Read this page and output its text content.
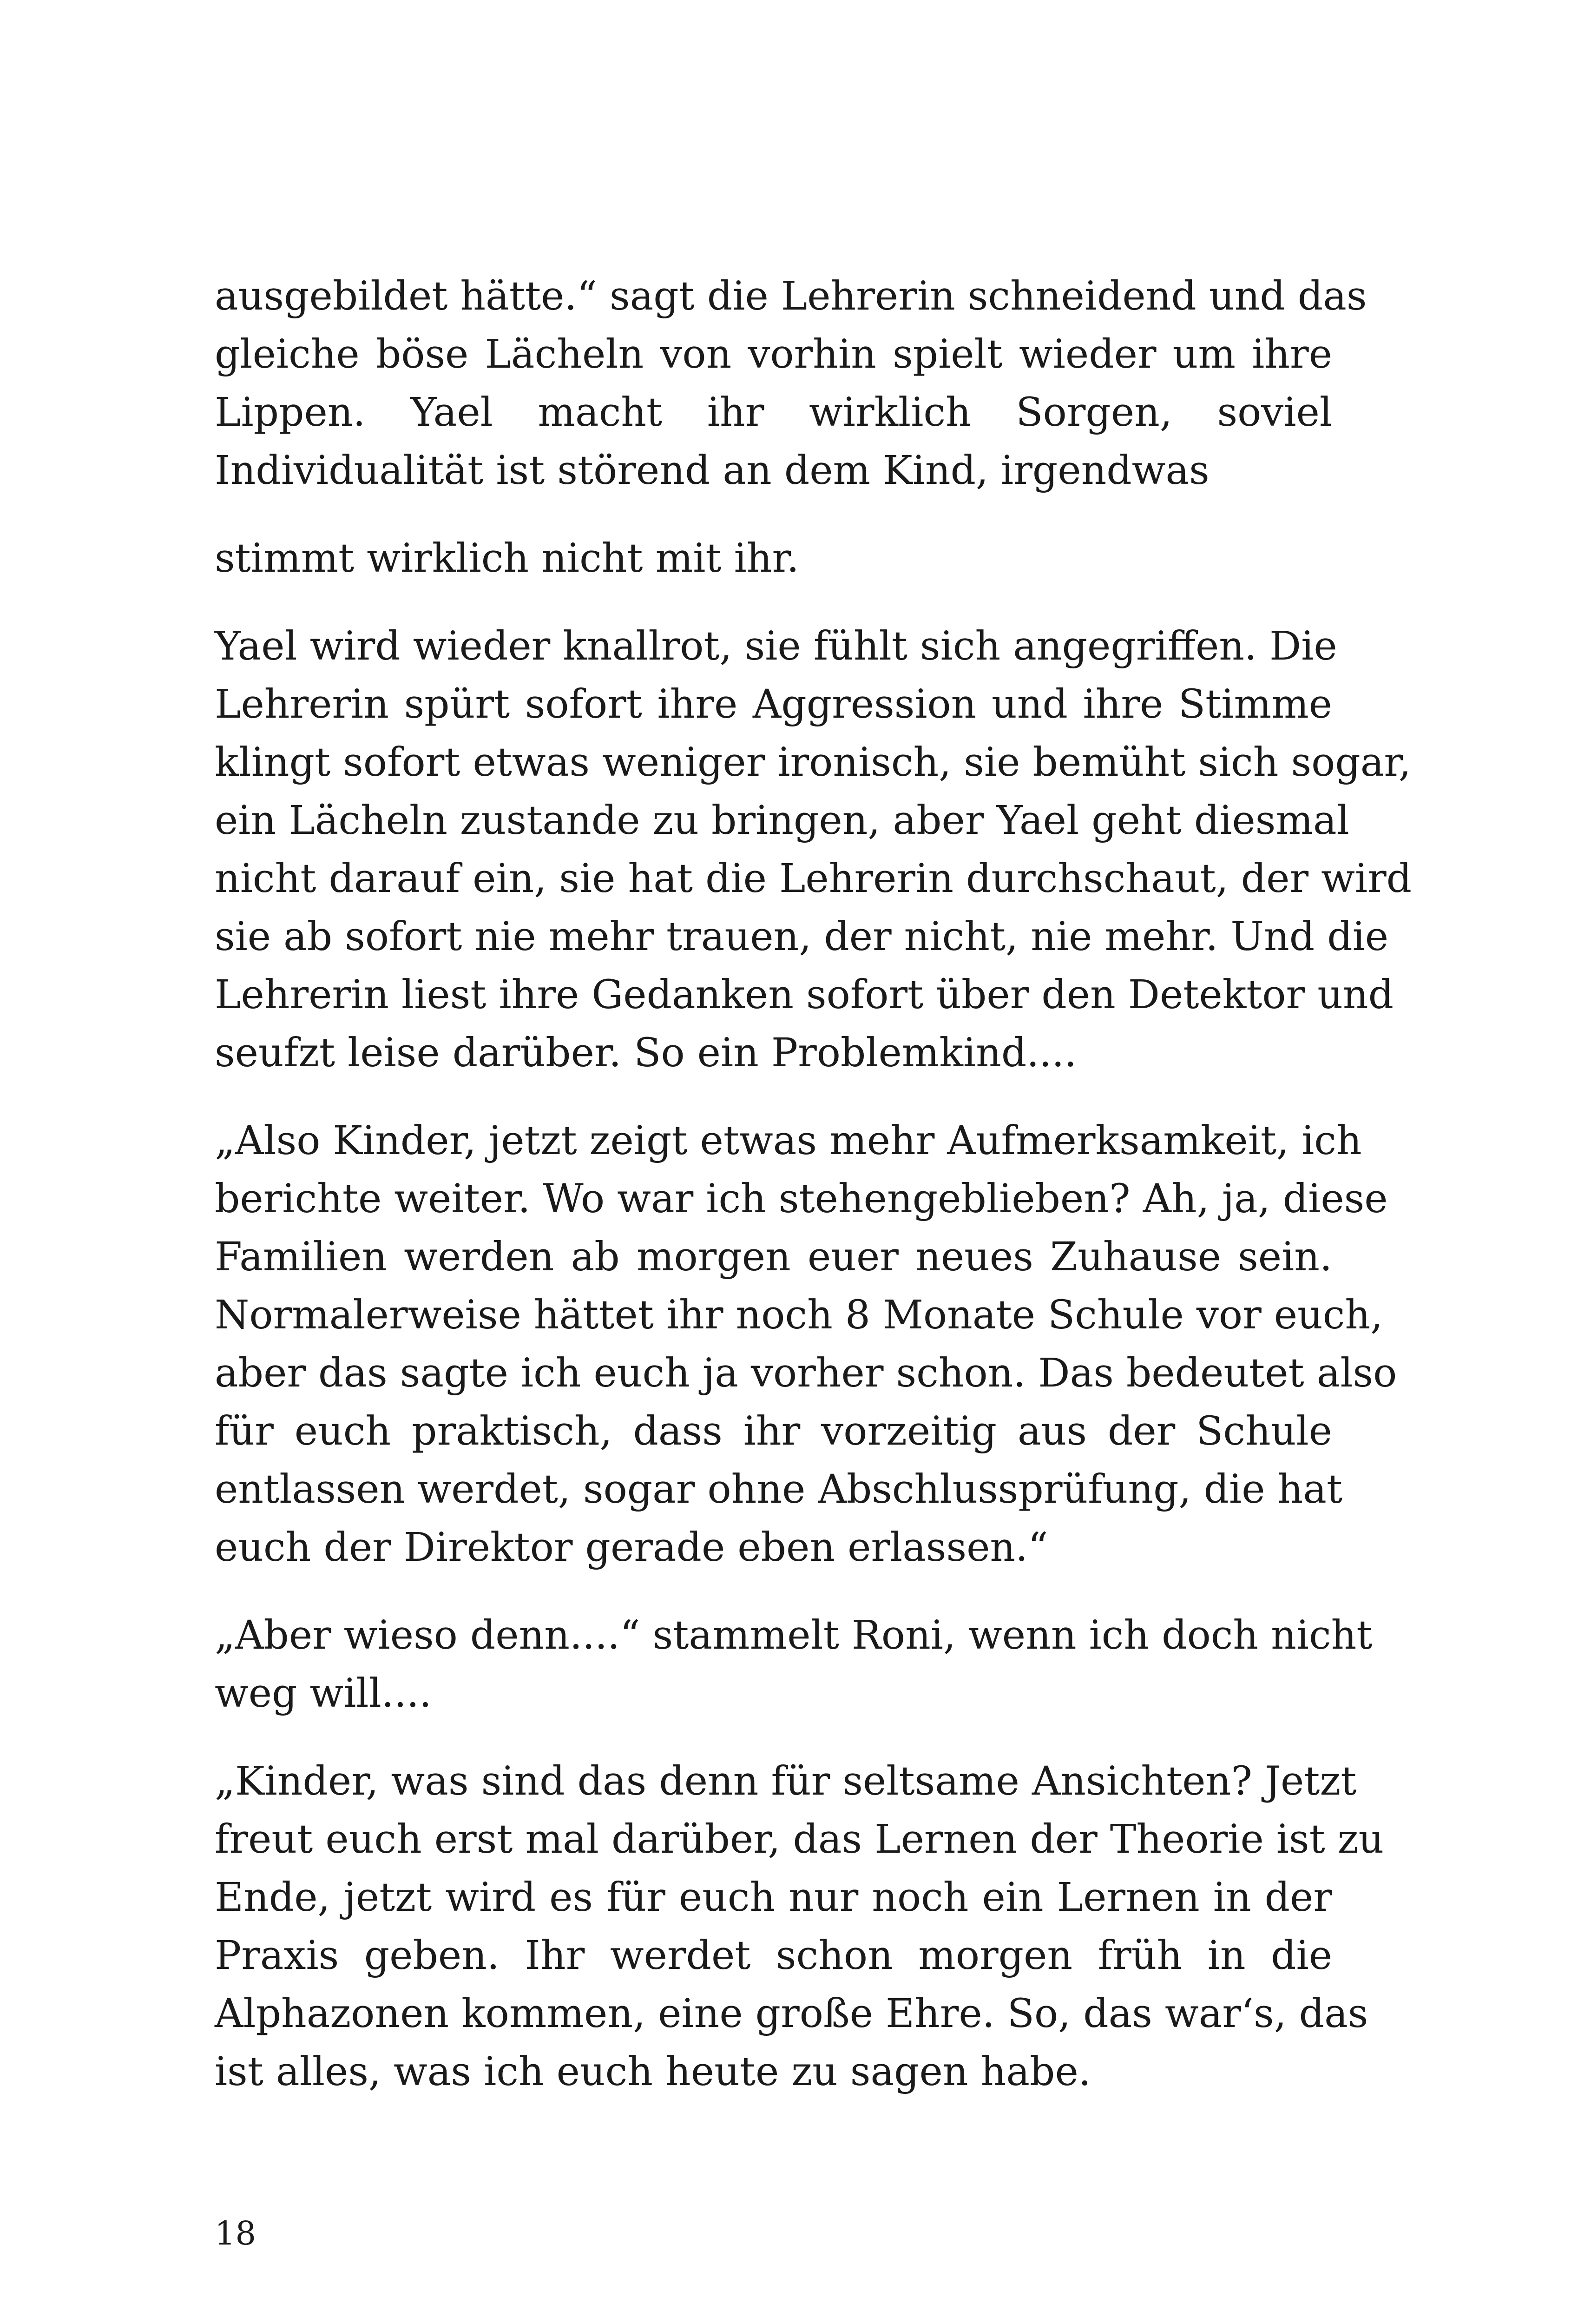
ausgebildet hätte.“ sagt die Lehrerin schneidend und das
gleiche böse Lächeln von vorhin spielt wieder um ihre
Lippen. Yael macht ihr wirklich Sorgen, soviel
Individualität ist störend an dem Kind, irgendwas

stimmt wirklich nicht mit ihr.

Yael wird wieder knallrot, sie fühlt sich angegriffen. Die
Lehrerin spürt sofort ihre Aggression und ihre Stimme
klingt sofort etwas weniger ironisch, sie bemüht sich sogar,
ein Lächeln zustande zu bringen, aber Yael geht diesmal
nicht darauf ein, sie hat die Lehrerin durchschaut, der wird
sie ab sofort nie mehr trauen, der nicht, nie mehr. Und die
Lehrerin liest ihre Gedanken sofort über den Detektor und
seufzt leise darüber. So ein Problemkind....

„Also Kinder, jetzt zeigt etwas mehr Aufmerksamkeit, ich
berichte weiter. Wo war ich stehengeblieben? Ah, ja, diese
Familien werden ab morgen euer neues Zuhause sein.
Normalerweise hättet ihr noch 8 Monate Schule vor euch,
aber das sagte ich euch ja vorher schon. Das bedeutet also
für euch praktisch, dass ihr vorzeitig aus der Schule
entlassen werdet, sogar ohne Abschlussprüfung, die hat
euch der Direktor gerade eben erlassen.“

„Aber wieso denn....“ stammelt Roni, wenn ich doch nicht
weg will....

„Kinder, was sind das denn für seltsame Ansichten? Jetzt
freut euch erst mal darüber, das Lernen der Theorie ist zu
Ende, jetzt wird es für euch nur noch ein Lernen in der
Praxis geben. Ihr werdet schon morgen früh in die
Alphazonen kommen, eine große Ehre. So, das war‘s, das
ist alles, was ich euch heute zu sagen habe.

18
